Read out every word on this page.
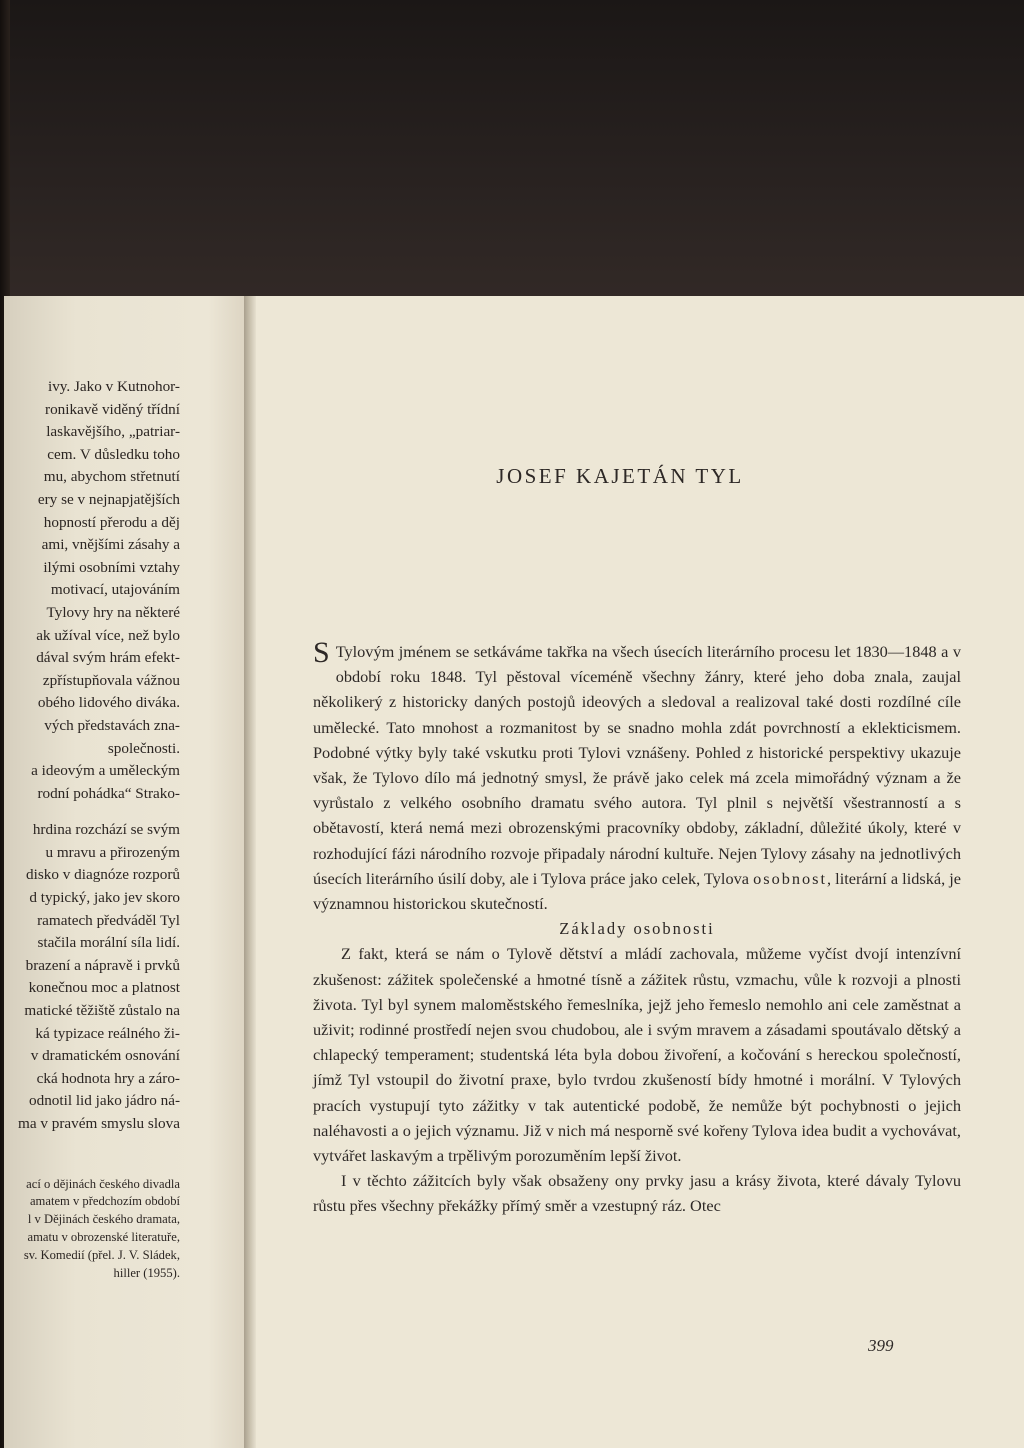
ivy. Jako v Kutnohor-
ronikavě viděný třídní
laskavějšího, „patriar-
cem. V důsledku toho
mu, abychom střetnutí
ery se v nejnapjatějších
hopností přerodu a děj
ami, vnějšími zásahy a
ilými osobními vztahy
motivací, utajováním
Tylovy hry na některé
ak užíval více, než bylo
dával svým hrám efekt-
zpřístupňovala vážnou
obého lidového diváka.
vých představách zna-
společnosti.
a ideovým a uměleckým
rodní pohádka“ Strako-
hrdina rozchází se svým
u mravu a přirozeným
disko v diagnóze rozporů
d typický, jako jev skoro
ramatech předváděl Tyl
stačila morální síla lidí.
brazení a nápravě i prvků
konečnou moc a platnost
matické těžiště zůstalo na
ká typizace reálného ži-
v dramatickém osnování
cká hodnota hry a záro-
odnotil lid jako jádro ná-
ma v pravém smyslu slova
ací o dějinách českého divadla
amatem v předchozím období
l v Dějinách českého dramata,
amatu v obrozenské literatuře,
sv. Komedií (přel. J. V. Sládek,
hiller (1955).
JOSEF KAJETÁN TYL

S Tylovým jménem se setkáváme takřka na všech úsecích literárního procesu let 1830—1848 a v období roku 1848. Tyl pěstoval víceméně všechny žánry, které jeho doba znala, zaujal několikerý z historicky daných postojů ideových a sledoval a realizoval také dosti rozdílné cíle umělecké. Tato mnohost a rozmanitost by se snadno mohla zdát povrchností a eklekticismem. Podobné výtky byly také vskutku proti Tylovi vznášeny. Pohled z historické perspektivy ukazuje však, že Tylovo dílo má jednotný smysl, že právě jako celek má zcela mimořádný význam a že vyrůstalo z velkého osobního dramatu svého autora. Tyl plnil s největší všestranností a s obětavostí, která nemá mezi obrozenskými pracovníky obdoby, základní, důležité úkoly, které v rozhodující fázi národního rozvoje připadaly národní kultuře. Nejen Tylovy zásahy na jednotlivých úsecích literárního úsilí doby, ale i Tylova práce jako celek, Tylova osobnost, literární a lidská, je významnou historickou skutečností.

Základy osobnosti

Z fakt, která se nám o Tylově dětství a mládí zachovala, můžeme vyčíst dvojí intenzívní zkušenost: zážitek společenské a hmotné tísně a zážitek růstu, vzmachu, vůle k rozvoji a plnosti života. Tyl byl synem maloměstského řemeslníka, jejž jeho řemeslo nemohlo ani cele zaměstnat a uživit; rodinné prostředí nejen svou chudobou, ale i svým mravem a zásadami spoutávalo dětský a chlapecký temperament; studentská léta byla dobou živoření, a kočování s hereckou společností, jímž Tyl vstoupil do životní praxe, bylo tvrdou zkušeností bídy hmotné i morální. V Tylových pracích vystupují tyto zážitky v tak autentické podobě, že nemůže být pochybnosti o jejich naléhavosti a o jejich významu. Již v nich má nesporně své kořeny Tylova idea budit a vychovávat, vytvářet laskavým a trpělivým porozuměním lepší život.

I v těchto zážitcích byly však obsaženy ony prvky jasu a krásy života, které dávaly Tylovu růstu přes všechny překážky přímý směr a vzestupný ráz. Otec

399
